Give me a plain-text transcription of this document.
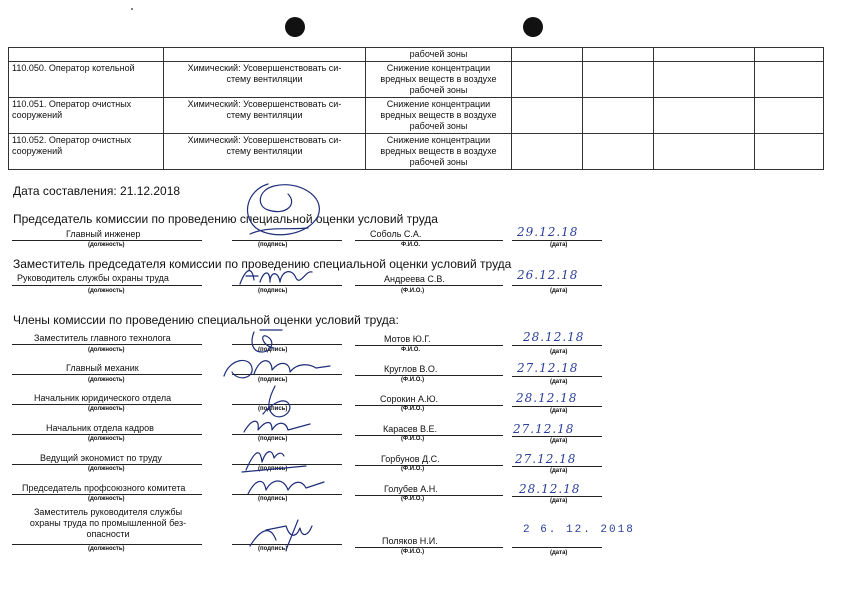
		рабочей зоны				
110.050. Оператор котельной	Химический: Усовершенствовать си-
стему вентиляции	Снижение концентрации
вредных веществ в воздухе
рабочей зоны				
110.051. Оператор очистных
сооружений	Химический: Усовершенствовать си-
стему вентиляции	Снижение концентрации
вредных веществ в воздухе
рабочей зоны				
110.052. Оператор очистных
сооружений	Химический: Усовершенствовать си-
стему вентиляции	Снижение концентрации
вредных веществ в воздухе
рабочей зоны				
Дата составления: 21.12.2018
Председатель комиссии по проведению специальной оценки условий труда
Главный инженер	Соболь С.А.	29.12.18
(должность)	(подпись)	Ф.И.О.	(дата)
Заместитель председателя комиссии по проведению специальной оценки условий труда
Руководитель службы охраны труда	Андреева С.В.	26.12.18
(должность)	(подпись)	(Ф.И.О.)	(дата)
Члены комиссии по проведению специальной оценки условий труда:
Заместитель главного технолога	Мотов Ю.Г.	28.12.18
(должность)	(подпись)	Ф.И.О.	(дата)
Главный механик	Круглов В.О.	27.12.18
(должность)	(подпись)	(Ф.И.О.)	(дата)
Начальник юридического отдела	Сорокин А.Ю.	28.12.18
(должность)	(подпись)	(Ф.И.О.)	(дата)
Начальник отдела кадров	Карасев В.Е.	27.12.18
(должность)	(подпись)	(Ф.И.О.)	(дата)
Ведущий экономист по труду	Горбунов Д.С.	27.12.18
(должность)	(подпись)	(Ф.И.О.)	(дата)
Председатель профсоюзного комитета	Голубев А.Н.	28.12.18
(должность)	(подпись)	(Ф.И.О.)	(дата)
Заместитель руководителя службы
охраны труда по промышленной без-
опасности
Поляков Н.И.
2 6. 12. 2018
(должность)	(подпись)	(Ф.И.О.)	(дата)
